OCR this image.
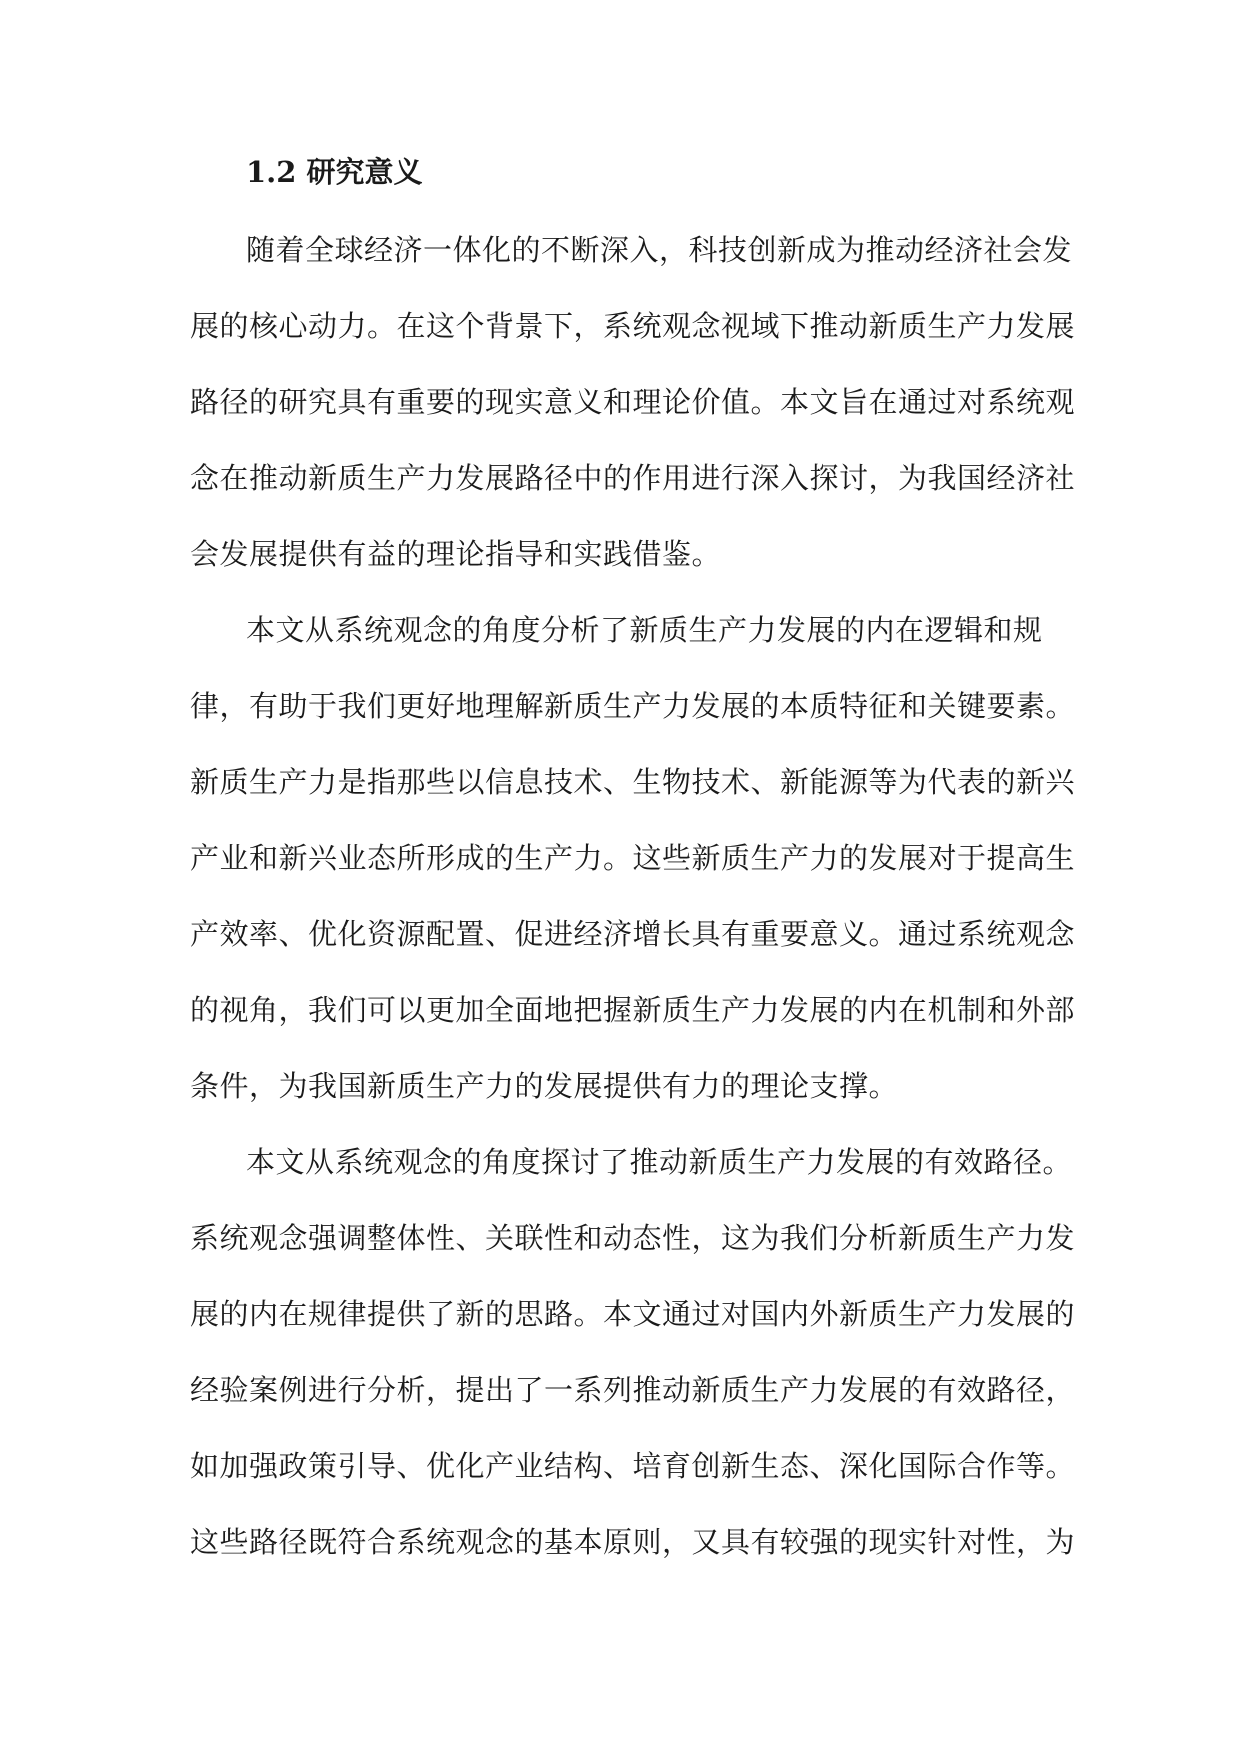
1.2 研究意义
随着全球经济一体化的不断深入，科技创新成为推动经济社会发
展的核心动力。在这个背景下，系统观念视域下推动新质生产力发展
路径的研究具有重要的现实意义和理论价值。本文旨在通过对系统观
念在推动新质生产力发展路径中的作用进行深入探讨，为我国经济社
会发展提供有益的理论指导和实践借鉴。
本文从系统观念的角度分析了新质生产力发展的内在逻辑和规
律，有助于我们更好地理解新质生产力发展的本质特征和关键要素。
新质生产力是指那些以信息技术、生物技术、新能源等为代表的新兴
产业和新兴业态所形成的生产力。这些新质生产力的发展对于提高生
产效率、优化资源配置、促进经济增长具有重要意义。通过系统观念
的视角，我们可以更加全面地把握新质生产力发展的内在机制和外部
条件，为我国新质生产力的发展提供有力的理论支撑。
本文从系统观念的角度探讨了推动新质生产力发展的有效路径。
系统观念强调整体性、关联性和动态性，这为我们分析新质生产力发
展的内在规律提供了新的思路。本文通过对国内外新质生产力发展的
经验案例进行分析，提出了一系列推动新质生产力发展的有效路径，
如加强政策引导、优化产业结构、培育创新生态、深化国际合作等。
这些路径既符合系统观念的基本原则，又具有较强的现实针对性，为
